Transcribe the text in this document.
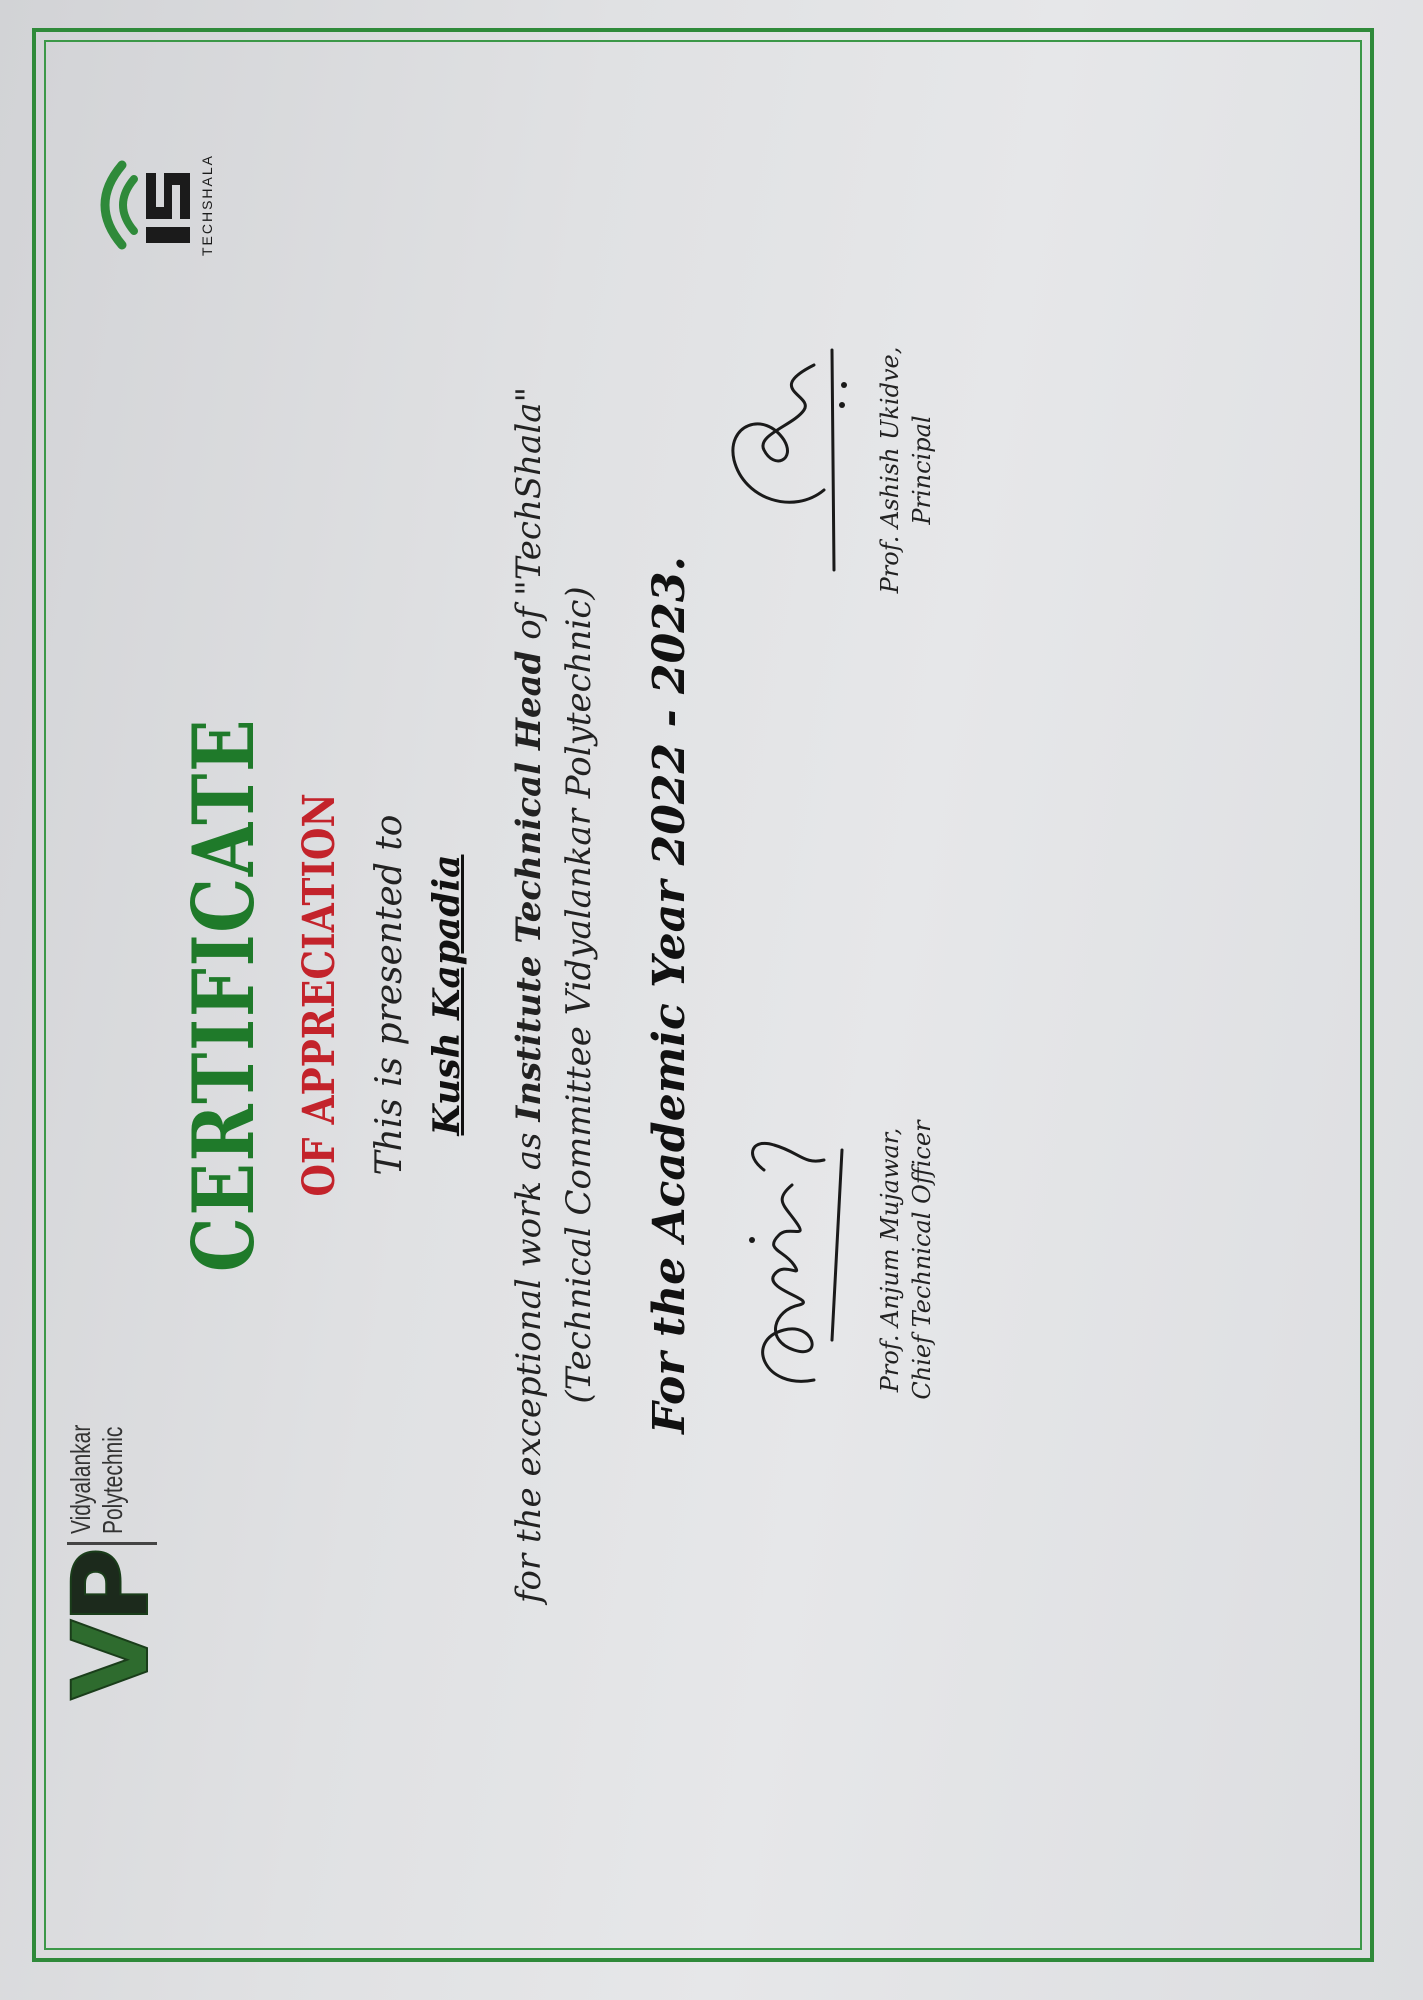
VP
Vidyalankar Polytechnic
TECHSHALA
CERTIFICATE OF APPRECIATION This is presented to Kush Kapadia
for the exceptional work as Institute Technical Head of "TechShala"
(Technical Committee Vidyalankar Polytechnic) For the Academic Year 2022 - 2023.	Prof. Anjum Mujawar, Chief Technical Officer
Prof. Ashish Ukidve, Principal
